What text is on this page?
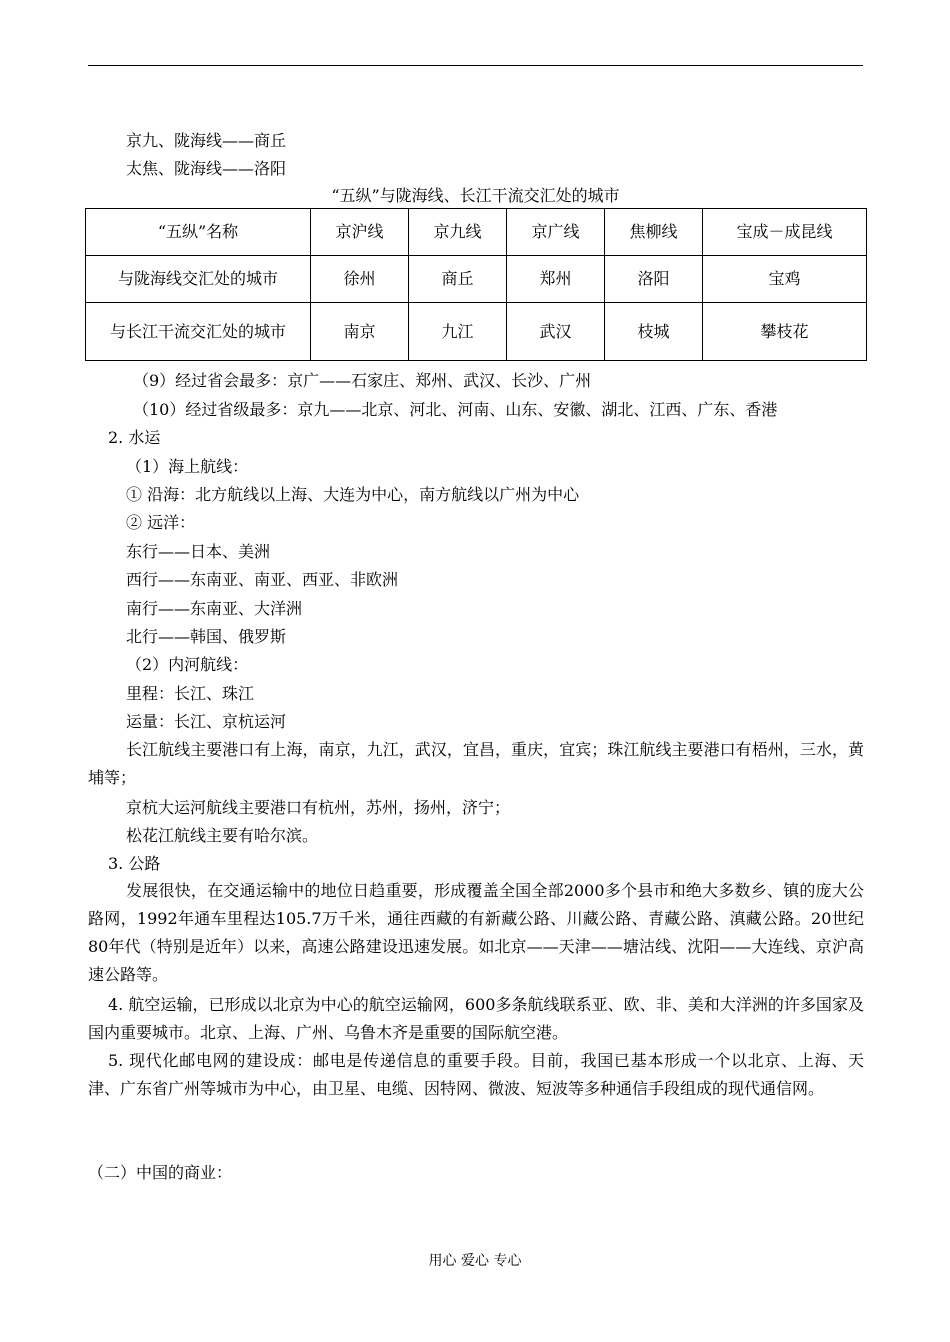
京九、陇海线——商丘
太焦、陇海线——洛阳
“五纵”与陇海线、长江干流交汇处的城市
“五纵”名称	京沪线	京九线	京广线	焦柳线	宝成－成昆线
与陇海线交汇处的城市	徐州	商丘	郑州	洛阳	宝鸡
与长江干流交汇处的城市	南京	九江	武汉	枝城	攀枝花
（9）经过省会最多：京广——石家庄、郑州、武汉、长沙、广州
（10）经过省级最多：京九——北京、河北、河南、山东、安徽、湖北、江西、广东、香港
2. 水运
（1）海上航线：
① 沿海：北方航线以上海、大连为中心，南方航线以广州为中心
② 远洋：
东行——日本、美洲
西行——东南亚、南亚、西亚、非欧洲
南行——东南亚、大洋洲
北行——韩国、俄罗斯
（2）内河航线：
里程：长江、珠江
运量：长江、京杭运河
长江航线主要港口有上海，南京，九江，武汉，宜昌，重庆，宜宾；珠江航线主要港口有梧州，三水，黄埔等；
京杭大运河航线主要港口有杭州，苏州，扬州，济宁；
松花江航线主要有哈尔滨。
3. 公路
发展很快，在交通运输中的地位日趋重要，形成覆盖全国全部2000多个县市和绝大多数乡、镇的庞大公路网，1992年通车里程达105.7万千米，通往西藏的有新藏公路、川藏公路、青藏公路、滇藏公路。20世纪80年代（特别是近年）以来，高速公路建设迅速发展。如北京——天津——塘沽线、沈阳——大连线、京沪高速公路等。
4. 航空运输，已形成以北京为中心的航空运输网，600多条航线联系亚、欧、非、美和大洋洲的许多国家及国内重要城市。北京、上海、广州、乌鲁木齐是重要的国际航空港。
5. 现代化邮电网的建设成：邮电是传递信息的重要手段。目前，我国已基本形成一个以北京、上海、天津、广东省广州等城市为中心，由卫星、电缆、因特网、微波、短波等多种通信手段组成的现代通信网。
（二）中国的商业：
用心 爱心 专心
